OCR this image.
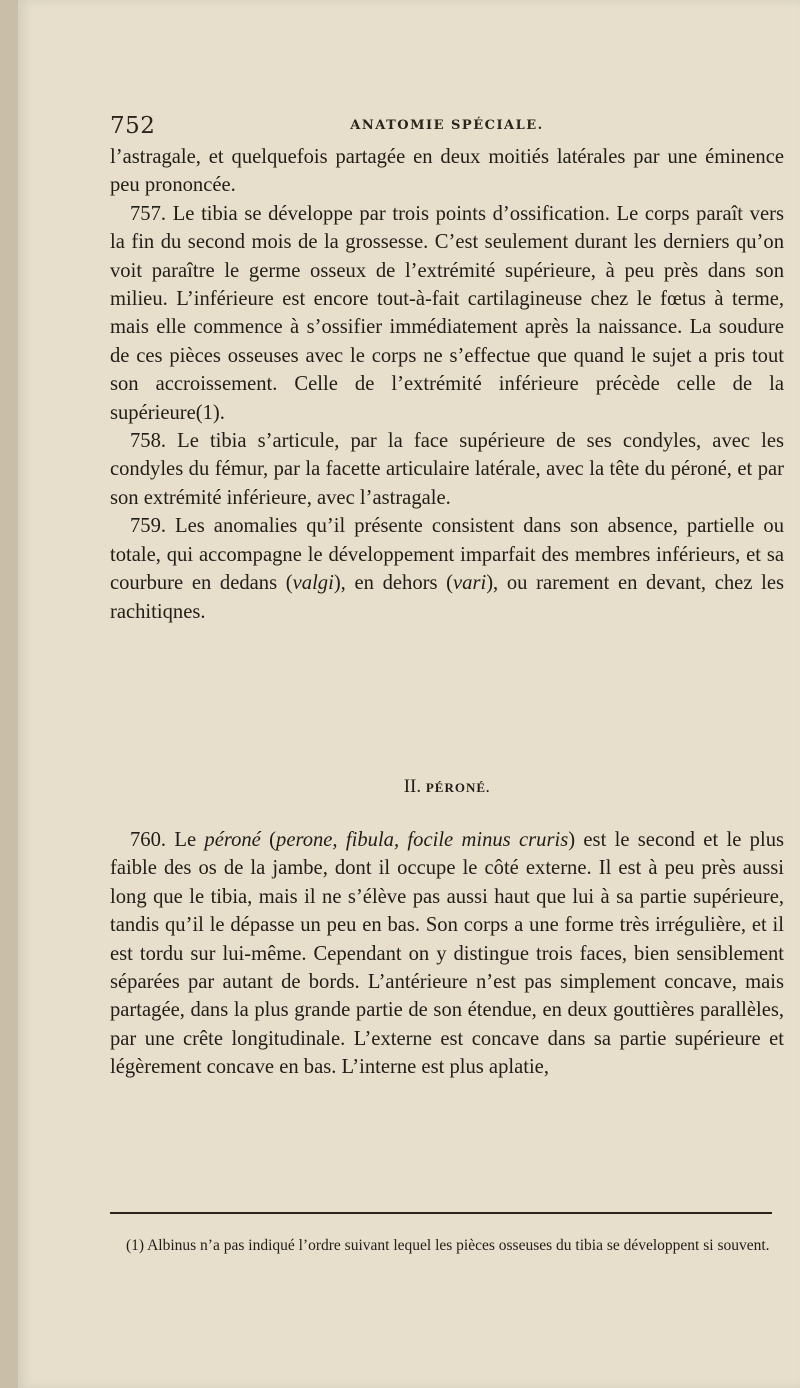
752	ANATOMIE SPÉCIALE.

l’astragale, et quelquefois partagée en deux moitiés latérales par une éminence peu prononcée.

757. Le tibia se développe par trois points d’ossification. Le corps paraît vers la fin du second mois de la grossesse. C’est seulement durant les derniers qu’on voit paraître le germe osseux de l’extrémité supérieure, à peu près dans son milieu. L’inférieure est encore tout-à-fait cartilagineuse chez le fœtus à terme, mais elle commence à s’ossifier immédiatement après la naissance. La soudure de ces pièces osseuses avec le corps ne s’effectue que quand le sujet a pris tout son accroissement. Celle de l’extrémité inférieure précède celle de la supérieure(1).

758. Le tibia s’articule, par la face supérieure de ses condyles, avec les condyles du fémur, par la facette articulaire latérale, avec la tête du péroné, et par son extrémité inférieure, avec l’astragale.

759. Les anomalies qu’il présente consistent dans son absence, partielle ou totale, qui accompagne le développement imparfait des membres inférieurs, et sa courbure en dedans (valgi), en dehors (vari), ou rarement en devant, chez les rachitiqnes.

II. PÉRONÉ.

760. Le péroné (perone, fibula, focile minus cruris) est le second et le plus faible des os de la jambe, dont il occupe le côté externe. Il est à peu près aussi long que le tibia, mais il ne s’élève pas aussi haut que lui à sa partie supérieure, tandis qu’il le dépasse un peu en bas. Son corps a une forme très irrégulière, et il est tordu sur lui-même. Cependant on y distingue trois faces, bien sensiblement séparées par autant de bords. L’antérieure n’est pas simplement concave, mais partagée, dans la plus grande partie de son étendue, en deux gouttières parallèles, par une crête longitudinale. L’externe est concave dans sa partie supérieure et légèrement concave en bas. L’interne est plus aplatie,

(1) Albinus n’a pas indiqué l’ordre suivant lequel les pièces osseuses du tibia se développent si souvent.
